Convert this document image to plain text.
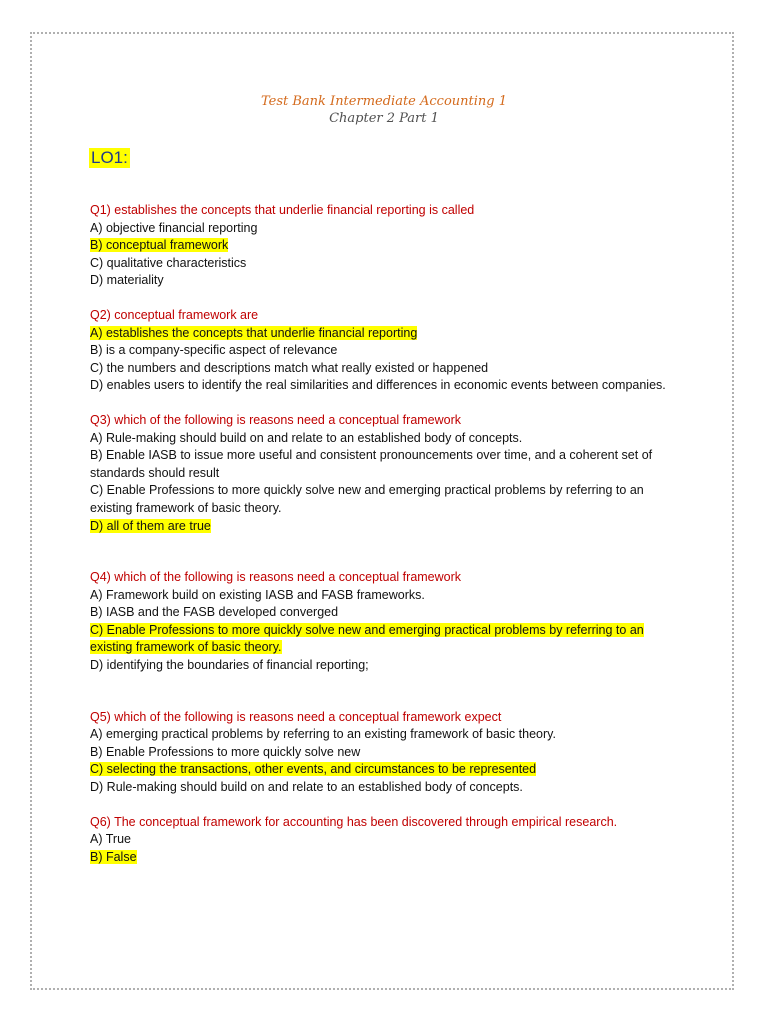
Test Bank Intermediate Accounting 1
Chapter 2 Part 1
LO1:

Q1) establishes the concepts that underlie financial reporting is called

A) objective financial reporting

B) conceptual framework

C) qualitative characteristics

D) materiality

Q2) conceptual framework are

A) establishes the concepts that underlie financial reporting

B) is a company-specific aspect of relevance

C) the numbers and descriptions match what really existed or happened

D) enables users to identify the real similarities and differences in economic events between companies.

Q3) which of the following is reasons need a conceptual framework

A) Rule-making should build on and relate to an established body of concepts.

B) Enable IASB to issue more useful and consistent pronouncements over time, and a coherent set of standards should result

C) Enable Professions to more quickly solve new and emerging practical problems by referring to an existing framework of basic theory.

D) all of them are true

Q4) which of the following is reasons need a conceptual framework

A) Framework build on existing IASB and FASB frameworks.

B) IASB and the FASB developed converged

C) Enable Professions to more quickly solve new and emerging practical problems by referring to an existing framework of basic theory.

D) identifying the boundaries of financial reporting;

Q5) which of the following is reasons need a conceptual framework expect

A) emerging practical problems by referring to an existing framework of basic theory.

B) Enable Professions to more quickly solve new

C) selecting the transactions, other events, and circumstances to be represented

D) Rule-making should build on and relate to an established body of concepts.

Q6) The conceptual framework for accounting has been discovered through empirical research.

A) True

B) False
